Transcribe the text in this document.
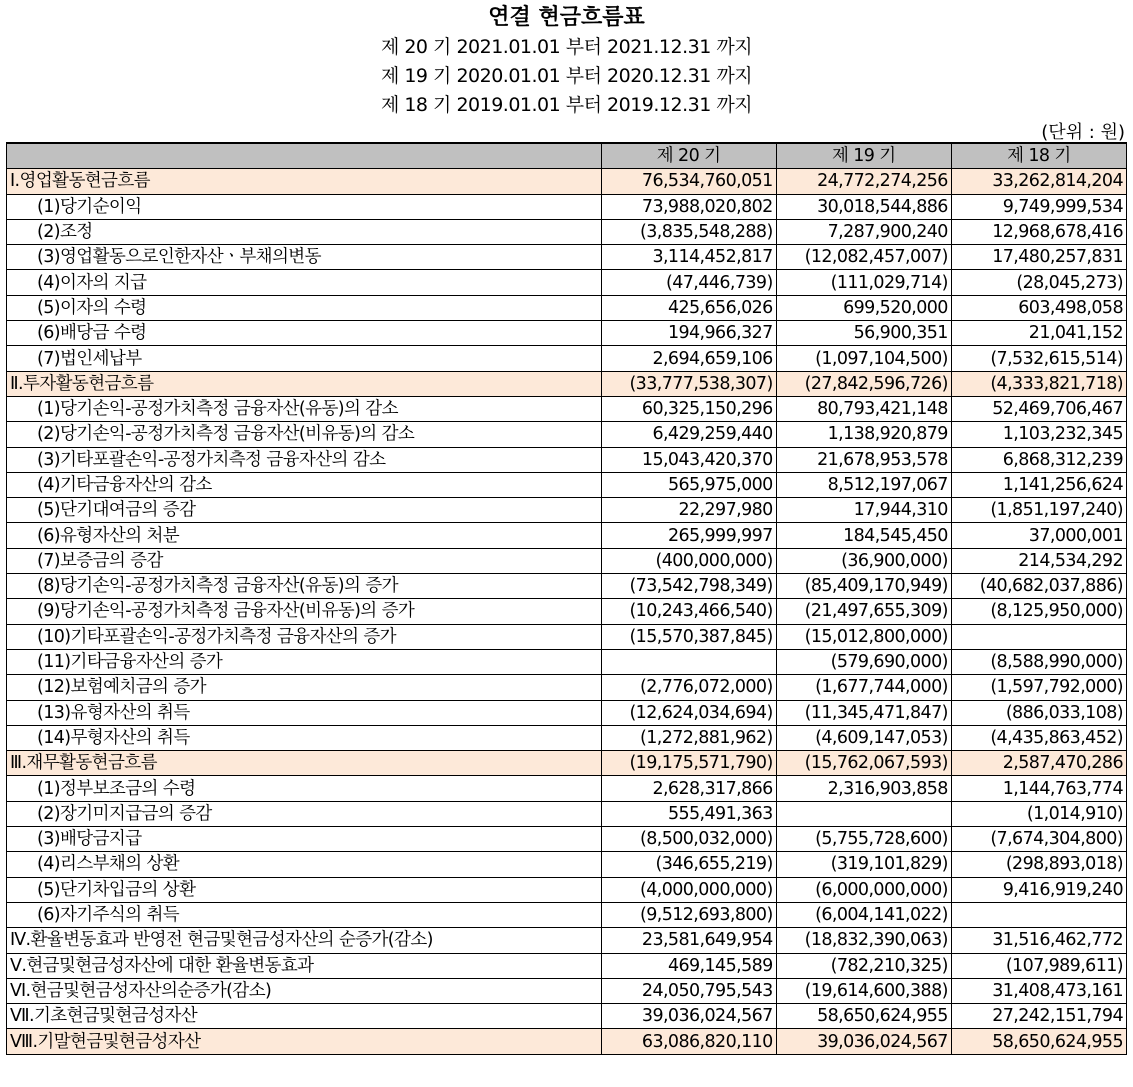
연결 현금흐름표
제 20 기 2021.01.01 부터 2021.12.31 까지
제 19 기 2020.01.01 부터 2020.12.31 까지
제 18 기 2019.01.01 부터 2019.12.31 까지
(단위 : 원)
	제 20 기	제 19 기	제 18 기
Ⅰ.영업활동현금흐름	76,534,760,051	24,772,274,256	33,262,814,204
(1)당기순이익	73,988,020,802	30,018,544,886	9,749,999,534
(2)조정	(3,835,548,288)	7,287,900,240	12,968,678,416
(3)영업활동으로인한자산ㆍ부채의변동	3,114,452,817	(12,082,457,007)	17,480,257,831
(4)이자의 지급	(47,446,739)	(111,029,714)	(28,045,273)
(5)이자의 수령	425,656,026	699,520,000	603,498,058
(6)배당금 수령	194,966,327	56,900,351	21,041,152
(7)법인세납부	2,694,659,106	(1,097,104,500)	(7,532,615,514)
Ⅱ.투자활동현금흐름	(33,777,538,307)	(27,842,596,726)	(4,333,821,718)
(1)당기손익-공정가치측정 금융자산(유동)의 감소	60,325,150,296	80,793,421,148	52,469,706,467
(2)당기손익-공정가치측정 금융자산(비유동)의 감소	6,429,259,440	1,138,920,879	1,103,232,345
(3)기타포괄손익-공정가치측정 금융자산의 감소	15,043,420,370	21,678,953,578	6,868,312,239
(4)기타금융자산의 감소	565,975,000	8,512,197,067	1,141,256,624
(5)단기대여금의 증감	22,297,980	17,944,310	(1,851,197,240)
(6)유형자산의 처분	265,999,997	184,545,450	37,000,001
(7)보증금의 증감	(400,000,000)	(36,900,000)	214,534,292
(8)당기손익-공정가치측정 금융자산(유동)의 증가	(73,542,798,349)	(85,409,170,949)	(40,682,037,886)
(9)당기손익-공정가치측정 금융자산(비유동)의 증가	(10,243,466,540)	(21,497,655,309)	(8,125,950,000)
(10)기타포괄손익-공정가치측정 금융자산의 증가	(15,570,387,845)	(15,012,800,000)	
(11)기타금융자산의 증가		(579,690,000)	(8,588,990,000)
(12)보험예치금의 증가	(2,776,072,000)	(1,677,744,000)	(1,597,792,000)
(13)유형자산의 취득	(12,624,034,694)	(11,345,471,847)	(886,033,108)
(14)무형자산의 취득	(1,272,881,962)	(4,609,147,053)	(4,435,863,452)
Ⅲ.재무활동현금흐름	(19,175,571,790)	(15,762,067,593)	2,587,470,286
(1)정부보조금의 수령	2,628,317,866	2,316,903,858	1,144,763,774
(2)장기미지급금의 증감	555,491,363		(1,014,910)
(3)배당금지급	(8,500,032,000)	(5,755,728,600)	(7,674,304,800)
(4)리스부채의 상환	(346,655,219)	(319,101,829)	(298,893,018)
(5)단기차입금의 상환	(4,000,000,000)	(6,000,000,000)	9,416,919,240
(6)자기주식의 취득	(9,512,693,800)	(6,004,141,022)	
Ⅳ.환율변동효과 반영전 현금및현금성자산의 순증가(감소)	23,581,649,954	(18,832,390,063)	31,516,462,772
Ⅴ.현금및현금성자산에 대한 환율변동효과	469,145,589	(782,210,325)	(107,989,611)
Ⅵ.현금및현금성자산의순증가(감소)	24,050,795,543	(19,614,600,388)	31,408,473,161
Ⅶ.기초현금및현금성자산	39,036,024,567	58,650,624,955	27,242,151,794
Ⅷ.기말현금및현금성자산	63,086,820,110	39,036,024,567	58,650,624,955
